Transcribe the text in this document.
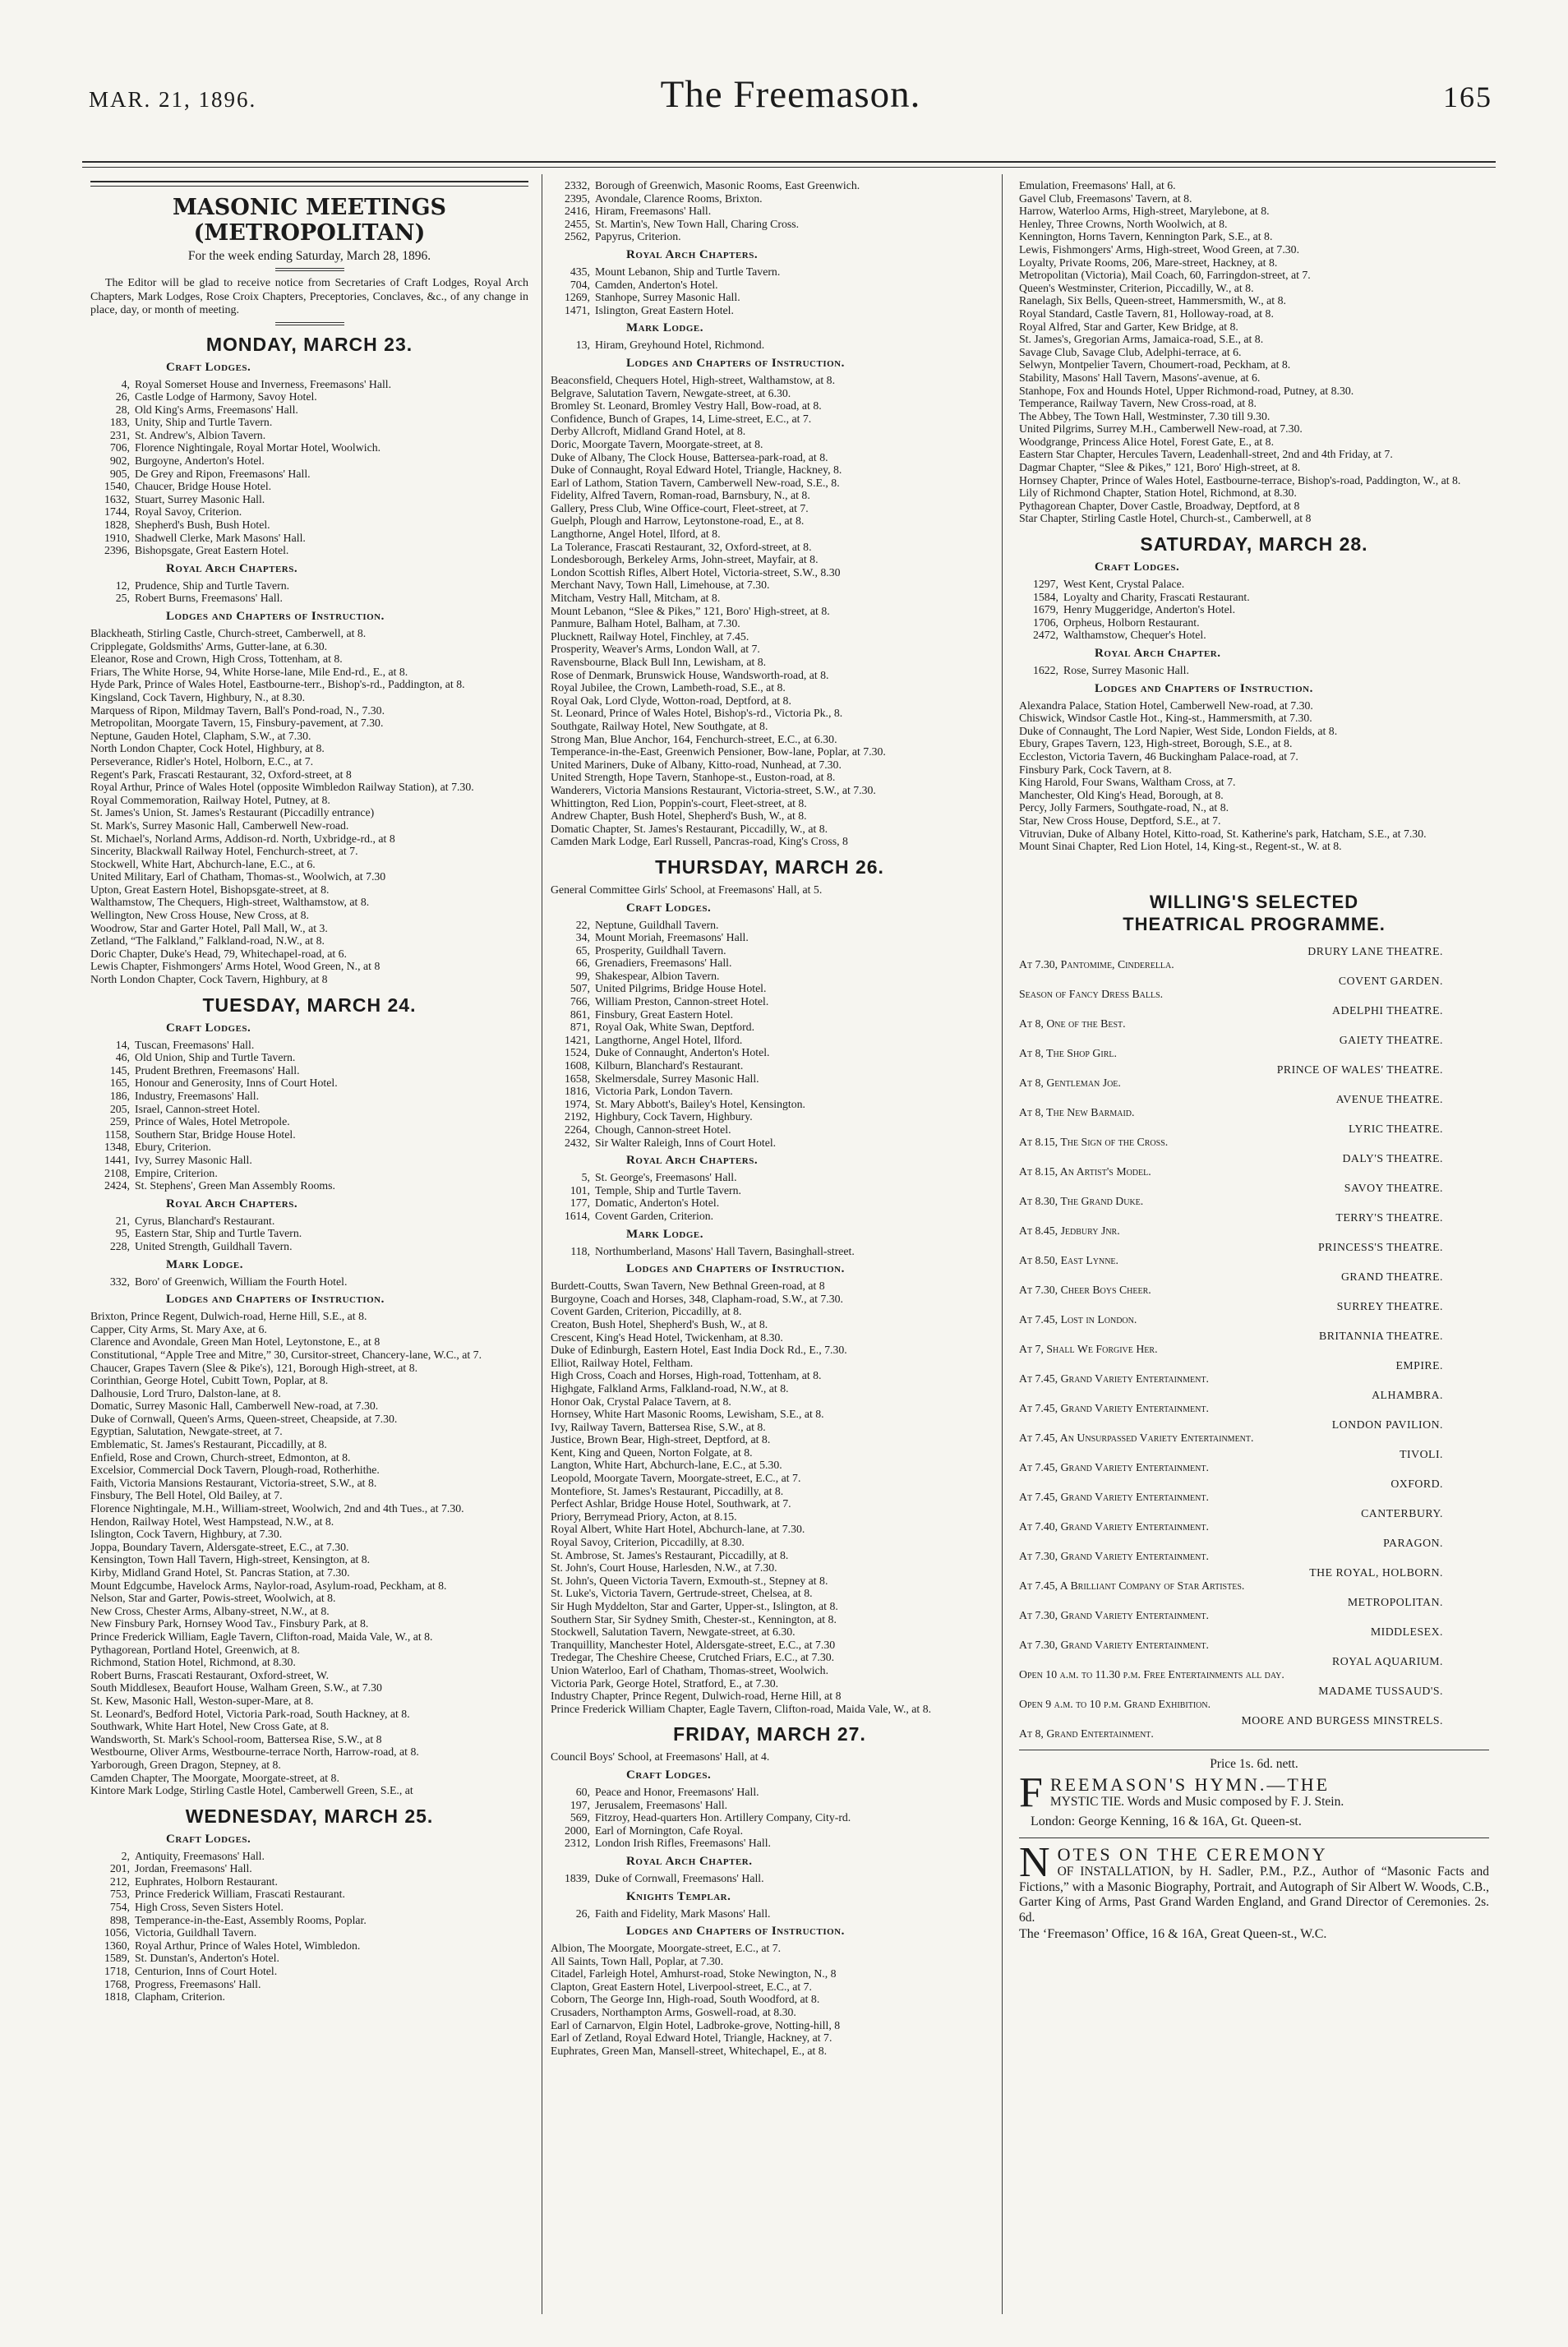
MAR. 21, 1896.	The Freemason.	165
MASONIC MEETINGS (METROPOLITAN)
For the week ending Saturday, March 28, 1896.

The Editor will be glad to receive notice from Secretaries of Craft Lodges, Royal Arch Chapters, Mark Lodges, Rose Croix Chapters, Preceptories, Conclaves, &c., of any change in place, day, or month of meeting.

MONDAY, MARCH 23.
Craft Lodges.
4, Royal Somerset House and Inverness, Freemasons' Hall.
26, Castle Lodge of Harmony, Savoy Hotel.
28, Old King's Arms, Freemasons' Hall.
183, Unity, Ship and Turtle Tavern.
231, St. Andrew's, Albion Tavern.
706, Florence Nightingale, Royal Mortar Hotel, Woolwich.
902, Burgoyne, Anderton's Hotel.
905, De Grey and Ripon, Freemasons' Hall.
1540, Chaucer, Bridge House Hotel.
1632, Stuart, Surrey Masonic Hall.
1744, Royal Savoy, Criterion.
1828, Shepherd's Bush, Bush Hotel.
1910, Shadwell Clerke, Mark Masons' Hall.
2396, Bishopsgate, Great Eastern Hotel.
Royal Arch Chapters.
12, Prudence, Ship and Turtle Tavern.
25, Robert Burns, Freemasons' Hall.
Lodges and Chapters of Instruction.
Blackheath, Stirling Castle, Church-street, Camberwell, at 8.
Cripplegate, Goldsmiths' Arms, Gutter-lane, at 6.30.
Eleanor, Rose and Crown, High Cross, Tottenham, at 8.
Friars, The White Horse, 94, White Horse-lane, Mile End-rd., E., at 8.
Hyde Park, Prince of Wales Hotel, Eastbourne-terr., Bishop's-rd., Paddington, at 8.
Kingsland, Cock Tavern, Highbury, N., at 8.30.
Marquess of Ripon, Mildmay Tavern, Ball's Pond-road, N., 7.30.
Metropolitan, Moorgate Tavern, 15, Finsbury-pavement, at 7.30.
Neptune, Gauden Hotel, Clapham, S.W., at 7.30.
North London Chapter, Cock Hotel, Highbury, at 8.
Perseverance, Ridler's Hotel, Holborn, E.C., at 7.
Regent's Park, Frascati Restaurant, 32, Oxford-street, at 8
Royal Arthur, Prince of Wales Hotel (opposite Wimbledon Railway Station), at 7.30.
Royal Commemoration, Railway Hotel, Putney, at 8.
St. James's Union, St. James's Restaurant (Piccadilly entrance)
St. Mark's, Surrey Masonic Hall, Camberwell New-road.
St. Michael's, Norland Arms, Addison-rd. North, Uxbridge-rd., at 8
Sincerity, Blackwall Railway Hotel, Fenchurch-street, at 7.
Stockwell, White Hart, Abchurch-lane, E.C., at 6.
United Military, Earl of Chatham, Thomas-st., Woolwich, at 7.30
Upton, Great Eastern Hotel, Bishopsgate-street, at 8.
Walthamstow, The Chequers, High-street, Walthamstow, at 8.
Wellington, New Cross House, New Cross, at 8.
Woodrow, Star and Garter Hotel, Pall Mall, W., at 3.
Zetland, “The Falkland,” Falkland-road, N.W., at 8.
Doric Chapter, Duke's Head, 79, Whitechapel-road, at 6.
Lewis Chapter, Fishmongers' Arms Hotel, Wood Green, N., at 8
North London Chapter, Cock Tavern, Highbury, at 8
TUESDAY, MARCH 24.
Craft Lodges.
14, Tuscan, Freemasons' Hall.
46, Old Union, Ship and Turtle Tavern.
145, Prudent Brethren, Freemasons' Hall.
165, Honour and Generosity, Inns of Court Hotel.
186, Industry, Freemasons' Hall.
205, Israel, Cannon-street Hotel.
259, Prince of Wales, Hotel Metropole.
1158, Southern Star, Bridge House Hotel.
1348, Ebury, Criterion.
1441, Ivy, Surrey Masonic Hall.
2108, Empire, Criterion.
2424, St. Stephens', Green Man Assembly Rooms.
Royal Arch Chapters.
21, Cyrus, Blanchard's Restaurant.
95, Eastern Star, Ship and Turtle Tavern.
228, United Strength, Guildhall Tavern.
Mark Lodge.
332, Boro' of Greenwich, William the Fourth Hotel.
Lodges and Chapters of Instruction.
Brixton, Prince Regent, Dulwich-road, Herne Hill, S.E., at 8.
Capper, City Arms, St. Mary Axe, at 6.
Clarence and Avondale, Green Man Hotel, Leytonstone, E., at 8
Constitutional, “Apple Tree and Mitre,” 30, Cursitor-street, Chancery-lane, W.C., at 7.
Chaucer, Grapes Tavern (Slee & Pike's), 121, Borough High-street, at 8.
Corinthian, George Hotel, Cubitt Town, Poplar, at 8.
Dalhousie, Lord Truro, Dalston-lane, at 8.
Domatic, Surrey Masonic Hall, Camberwell New-road, at 7.30.
Duke of Cornwall, Queen's Arms, Queen-street, Cheapside, at 7.30.
Egyptian, Salutation, Newgate-street, at 7.
Emblematic, St. James's Restaurant, Piccadilly, at 8.
Enfield, Rose and Crown, Church-street, Edmonton, at 8.
Excelsior, Commercial Dock Tavern, Plough-road, Rotherhithe.
Faith, Victoria Mansions Restaurant, Victoria-street, S.W., at 8.
Finsbury, The Bell Hotel, Old Bailey, at 7.
Florence Nightingale, M.H., William-street, Woolwich, 2nd and 4th Tues., at 7.30.
Hendon, Railway Hotel, West Hampstead, N.W., at 8.
Islington, Cock Tavern, Highbury, at 7.30.
Joppa, Boundary Tavern, Aldersgate-street, E.C., at 7.30.
Kensington, Town Hall Tavern, High-street, Kensington, at 8.
Kirby, Midland Grand Hotel, St. Pancras Station, at 7.30.
Mount Edgcumbe, Havelock Arms, Naylor-road, Asylum-road, Peckham, at 8.
Nelson, Star and Garter, Powis-street, Woolwich, at 8.
New Cross, Chester Arms, Albany-street, N.W., at 8.
New Finsbury Park, Hornsey Wood Tav., Finsbury Park, at 8.
Prince Frederick William, Eagle Tavern, Clifton-road, Maida Vale, W., at 8.
Pythagorean, Portland Hotel, Greenwich, at 8.
Richmond, Station Hotel, Richmond, at 8.30.
Robert Burns, Frascati Restaurant, Oxford-street, W.
South Middlesex, Beaufort House, Walham Green, S.W., at 7.30
St. Kew, Masonic Hall, Weston-super-Mare, at 8.
St. Leonard's, Bedford Hotel, Victoria Park-road, South Hackney, at 8.
Southwark, White Hart Hotel, New Cross Gate, at 8.
Wandsworth, St. Mark's School-room, Battersea Rise, S.W., at 8
Westbourne, Oliver Arms, Westbourne-terrace North, Harrow-road, at 8.
Yarborough, Green Dragon, Stepney, at 8.
Camden Chapter, The Moorgate, Moorgate-street, at 8.
Kintore Mark Lodge, Stirling Castle Hotel, Camberwell Green, S.E., at
WEDNESDAY, MARCH 25.
Craft Lodges.
2, Antiquity, Freemasons' Hall.
201, Jordan, Freemasons' Hall.
212, Euphrates, Holborn Restaurant.
753, Prince Frederick William, Frascati Restaurant.
754, High Cross, Seven Sisters Hotel.
898, Temperance-in-the-East, Assembly Rooms, Poplar.
1056, Victoria, Guildhall Tavern.
1360, Royal Arthur, Prince of Wales Hotel, Wimbledon.
1589, St. Dunstan's, Anderton's Hotel.
1718, Centurion, Inns of Court Hotel.
1768, Progress, Freemasons' Hall.
1818, Clapham, Criterion.
2332, Borough of Greenwich, Masonic Rooms, East Greenwich.
2395, Avondale, Clarence Rooms, Brixton.
2416, Hiram, Freemasons' Hall.
2455, St. Martin's, New Town Hall, Charing Cross.
2562, Papyrus, Criterion.
Royal Arch Chapters.
435, Mount Lebanon, Ship and Turtle Tavern.
704, Camden, Anderton's Hotel.
1269, Stanhope, Surrey Masonic Hall.
1471, Islington, Great Eastern Hotel.
Mark Lodge.
13, Hiram, Greyhound Hotel, Richmond.
Lodges and Chapters of Instruction.
Beaconsfield, Chequers Hotel, High-street, Walthamstow, at 8.
Belgrave, Salutation Tavern, Newgate-street, at 6.30.
Bromley St. Leonard, Bromley Vestry Hall, Bow-road, at 8.
Confidence, Bunch of Grapes, 14, Lime-street, E.C., at 7.
Derby Allcroft, Midland Grand Hotel, at 8.
Doric, Moorgate Tavern, Moorgate-street, at 8.
Duke of Albany, The Clock House, Battersea-park-road, at 8.
Duke of Connaught, Royal Edward Hotel, Triangle, Hackney, 8.
Earl of Lathom, Station Tavern, Camberwell New-road, S.E., 8.
Fidelity, Alfred Tavern, Roman-road, Barnsbury, N., at 8.
Gallery, Press Club, Wine Office-court, Fleet-street, at 7.
Guelph, Plough and Harrow, Leytonstone-road, E., at 8.
Langthorne, Angel Hotel, Ilford, at 8.
La Tolerance, Frascati Restaurant, 32, Oxford-street, at 8.
Londesborough, Berkeley Arms, John-street, Mayfair, at 8.
London Scottish Rifles, Albert Hotel, Victoria-street, S.W., 8.30
Merchant Navy, Town Hall, Limehouse, at 7.30.
Mitcham, Vestry Hall, Mitcham, at 8.
Mount Lebanon, “Slee & Pikes,” 121, Boro' High-street, at 8.
Panmure, Balham Hotel, Balham, at 7.30.
Plucknett, Railway Hotel, Finchley, at 7.45.
Prosperity, Weaver's Arms, London Wall, at 7.
Ravensbourne, Black Bull Inn, Lewisham, at 8.
Rose of Denmark, Brunswick House, Wandsworth-road, at 8.
Royal Jubilee, the Crown, Lambeth-road, S.E., at 8.
Royal Oak, Lord Clyde, Wotton-road, Deptford, at 8.
St. Leonard, Prince of Wales Hotel, Bishop's-rd., Victoria Pk., 8.
Southgate, Railway Hotel, New Southgate, at 8.
Strong Man, Blue Anchor, 164, Fenchurch-street, E.C., at 6.30.
Temperance-in-the-East, Greenwich Pensioner, Bow-lane, Poplar, at 7.30.
United Mariners, Duke of Albany, Kitto-road, Nunhead, at 7.30.
United Strength, Hope Tavern, Stanhope-st., Euston-road, at 8.
Wanderers, Victoria Mansions Restaurant, Victoria-street, S.W., at 7.30.
Whittington, Red Lion, Poppin's-court, Fleet-street, at 8.
Andrew Chapter, Bush Hotel, Shepherd's Bush, W., at 8.
Domatic Chapter, St. James's Restaurant, Piccadilly, W., at 8.
Camden Mark Lodge, Earl Russell, Pancras-road, King's Cross, 8
THURSDAY, MARCH 26.
General Committee Girls' School, at Freemasons' Hall, at 5.
Craft Lodges.
22, Neptune, Guildhall Tavern.
34, Mount Moriah, Freemasons' Hall.
65, Prosperity, Guildhall Tavern.
66, Grenadiers, Freemasons' Hall.
99, Shakespear, Albion Tavern.
507, United Pilgrims, Bridge House Hotel.
766, William Preston, Cannon-street Hotel.
861, Finsbury, Great Eastern Hotel.
871, Royal Oak, White Swan, Deptford.
1421, Langthorne, Angel Hotel, Ilford.
1524, Duke of Connaught, Anderton's Hotel.
1608, Kilburn, Blanchard's Restaurant.
1658, Skelmersdale, Surrey Masonic Hall.
1816, Victoria Park, London Tavern.
1974, St. Mary Abbott's, Bailey's Hotel, Kensington.
2192, Highbury, Cock Tavern, Highbury.
2264, Chough, Cannon-street Hotel.
2432, Sir Walter Raleigh, Inns of Court Hotel.
Royal Arch Chapters.
5, St. George's, Freemasons' Hall.
101, Temple, Ship and Turtle Tavern.
177, Domatic, Anderton's Hotel.
1614, Covent Garden, Criterion.
Mark Lodge.
118, Northumberland, Masons' Hall Tavern, Basinghall-street.
Lodges and Chapters of Instruction.
Burdett-Coutts, Swan Tavern, New Bethnal Green-road, at 8
Burgoyne, Coach and Horses, 348, Clapham-road, S.W., at 7.30.
Covent Garden, Criterion, Piccadilly, at 8.
Creaton, Bush Hotel, Shepherd's Bush, W., at 8.
Crescent, King's Head Hotel, Twickenham, at 8.30.
Duke of Edinburgh, Eastern Hotel, East India Dock Rd., E., 7.30.
Elliot, Railway Hotel, Feltham.
High Cross, Coach and Horses, High-road, Tottenham, at 8.
Highgate, Falkland Arms, Falkland-road, N.W., at 8.
Honor Oak, Crystal Palace Tavern, at 8.
Hornsey, White Hart Masonic Rooms, Lewisham, S.E., at 8.
Ivy, Railway Tavern, Battersea Rise, S.W., at 8.
Justice, Brown Bear, High-street, Deptford, at 8.
Kent, King and Queen, Norton Folgate, at 8.
Langton, White Hart, Abchurch-lane, E.C., at 5.30.
Leopold, Moorgate Tavern, Moorgate-street, E.C., at 7.
Montefiore, St. James's Restaurant, Piccadilly, at 8.
Perfect Ashlar, Bridge House Hotel, Southwark, at 7.
Priory, Berrymead Priory, Acton, at 8.15.
Royal Albert, White Hart Hotel, Abchurch-lane, at 7.30.
Royal Savoy, Criterion, Piccadilly, at 8.30.
St. Ambrose, St. James's Restaurant, Piccadilly, at 8.
St. John's, Court House, Harlesden, N.W., at 7.30.
St. John's, Queen Victoria Tavern, Exmouth-st., Stepney at 8.
St. Luke's, Victoria Tavern, Gertrude-street, Chelsea, at 8.
Sir Hugh Myddelton, Star and Garter, Upper-st., Islington, at 8.
Southern Star, Sir Sydney Smith, Chester-st., Kennington, at 8.
Stockwell, Salutation Tavern, Newgate-street, at 6.30.
Tranquillity, Manchester Hotel, Aldersgate-street, E.C., at 7.30
Tredegar, The Cheshire Cheese, Crutched Friars, E.C., at 7.30.
Union Waterloo, Earl of Chatham, Thomas-street, Woolwich.
Victoria Park, George Hotel, Stratford, E., at 7.30.
Industry Chapter, Prince Regent, Dulwich-road, Herne Hill, at 8
Prince Frederick William Chapter, Eagle Tavern, Clifton-road, Maida Vale, W., at 8.
FRIDAY, MARCH 27.
Council Boys' School, at Freemasons' Hall, at 4.
Craft Lodges.
60, Peace and Honor, Freemasons' Hall.
197, Jerusalem, Freemasons' Hall.
569, Fitzroy, Head-quarters Hon. Artillery Company, City-rd.
2000, Earl of Mornington, Cafe Royal.
2312, London Irish Rifles, Freemasons' Hall.
Royal Arch Chapter.
1839, Duke of Cornwall, Freemasons' Hall.
Knights Templar.
26, Faith and Fidelity, Mark Masons' Hall.
Lodges and Chapters of Instruction.
Albion, The Moorgate, Moorgate-street, E.C., at 7.
All Saints, Town Hall, Poplar, at 7.30.
Citadel, Farleigh Hotel, Amhurst-road, Stoke Newington, N., 8
Clapton, Great Eastern Hotel, Liverpool-street, E.C., at 7.
Coborn, The George Inn, High-road, South Woodford, at 8.
Crusaders, Northampton Arms, Goswell-road, at 8.30.
Earl of Carnarvon, Elgin Hotel, Ladbroke-grove, Notting-hill, 8
Earl of Zetland, Royal Edward Hotel, Triangle, Hackney, at 7.
Euphrates, Green Man, Mansell-street, Whitechapel, E., at 8.
Emulation, Freemasons' Hall, at 6.
Gavel Club, Freemasons' Tavern, at 8.
Harrow, Waterloo Arms, High-street, Marylebone, at 8.
Henley, Three Crowns, North Woolwich, at 8.
Kennington, Horns Tavern, Kennington Park, S.E., at 8.
Lewis, Fishmongers' Arms, High-street, Wood Green, at 7.30.
Loyalty, Private Rooms, 206, Mare-street, Hackney, at 8.
Metropolitan (Victoria), Mail Coach, 60, Farringdon-street, at 7.
Queen's Westminster, Criterion, Piccadilly, W., at 8.
Ranelagh, Six Bells, Queen-street, Hammersmith, W., at 8.
Royal Standard, Castle Tavern, 81, Holloway-road, at 8.
Royal Alfred, Star and Garter, Kew Bridge, at 8.
St. James's, Gregorian Arms, Jamaica-road, S.E., at 8.
Savage Club, Savage Club, Adelphi-terrace, at 6.
Selwyn, Montpelier Tavern, Choumert-road, Peckham, at 8.
Stability, Masons' Hall Tavern, Masons'-avenue, at 6.
Stanhope, Fox and Hounds Hotel, Upper Richmond-road, Putney, at 8.30.
Temperance, Railway Tavern, New Cross-road, at 8.
The Abbey, The Town Hall, Westminster, 7.30 till 9.30.
United Pilgrims, Surrey M.H., Camberwell New-road, at 7.30.
Woodgrange, Princess Alice Hotel, Forest Gate, E., at 8.
Eastern Star Chapter, Hercules Tavern, Leadenhall-street, 2nd and 4th Friday, at 7.
Dagmar Chapter, “Slee & Pikes,” 121, Boro' High-street, at 8.
Hornsey Chapter, Prince of Wales Hotel, Eastbourne-terrace, Bishop's-road, Paddington, W., at 8.
Lily of Richmond Chapter, Station Hotel, Richmond, at 8.30.
Pythagorean Chapter, Dover Castle, Broadway, Deptford, at 8
Star Chapter, Stirling Castle Hotel, Church-st., Camberwell, at 8
SATURDAY, MARCH 28.
Craft Lodges.
1297, West Kent, Crystal Palace.
1584, Loyalty and Charity, Frascati Restaurant.
1679, Henry Muggeridge, Anderton's Hotel.
1706, Orpheus, Holborn Restaurant.
2472, Walthamstow, Chequer's Hotel.
Royal Arch Chapter.
1622, Rose, Surrey Masonic Hall.
Lodges and Chapters of Instruction.
Alexandra Palace, Station Hotel, Camberwell New-road, at 7.30.
Chiswick, Windsor Castle Hot., King-st., Hammersmith, at 7.30.
Duke of Connaught, The Lord Napier, West Side, London Fields, at 8.
Ebury, Grapes Tavern, 123, High-street, Borough, S.E., at 8.
Eccleston, Victoria Tavern, 46 Buckingham Palace-road, at 7.
Finsbury Park, Cock Tavern, at 8.
King Harold, Four Swans, Waltham Cross, at 7.
Manchester, Old King's Head, Borough, at 8.
Percy, Jolly Farmers, Southgate-road, N., at 8.
Star, New Cross House, Deptford, S.E., at 7.
Vitruvian, Duke of Albany Hotel, Kitto-road, St. Katherine's park, Hatcham, S.E., at 7.30.
Mount Sinai Chapter, Red Lion Hotel, 14, King-st., Regent-st., W. at 8.
WILLING'S SELECTED
THEATRICAL PROGRAMME.
DRURY LANE THEATRE.
At 7.30, Pantomime, Cinderella.
COVENT GARDEN.
Season of Fancy Dress Balls.
ADELPHI THEATRE.
At 8, One of the Best.
GAIETY THEATRE.
At 8, The Shop Girl.
PRINCE OF WALES' THEATRE.
At 8, Gentleman Joe.
AVENUE THEATRE.
At 8, The New Barmaid.
LYRIC THEATRE.
At 8.15, The Sign of the Cross.
DALY'S THEATRE.
At 8.15, An Artist's Model.
SAVOY THEATRE.
At 8.30, The Grand Duke.
TERRY'S THEATRE.
At 8.45, Jedbury Jnr.
PRINCESS'S THEATRE.
At 8.50, East Lynne.
GRAND THEATRE.
At 7.30, Cheer Boys Cheer.
SURREY THEATRE.
At 7.45, Lost in London.
BRITANNIA THEATRE.
At 7, Shall We Forgive Her.
EMPIRE.
At 7.45, Grand Variety Entertainment.
ALHAMBRA.
At 7.45, Grand Variety Entertainment.
LONDON PAVILION.
At 7.45, An Unsurpassed Variety Entertainment.
TIVOLI.
At 7.45, Grand Variety Entertainment.
OXFORD.
At 7.45, Grand Variety Entertainment.
CANTERBURY.
At 7.40, Grand Variety Entertainment.
PARAGON.
At 7.30, Grand Variety Entertainment.
THE ROYAL, HOLBORN.
At 7.45, A Brilliant Company of Star Artistes.
METROPOLITAN.
At 7.30, Grand Variety Entertainment.
MIDDLESEX.
At 7.30, Grand Variety Entertainment.
ROYAL AQUARIUM.
Open 10 a.m. to 11.30 p.m. Free Entertainments all day.
MADAME TUSSAUD'S.
Open 9 a.m. to 10 p.m. Grand Exhibition.
MOORE AND BURGESS MINSTRELS.
At 8, Grand Entertainment.
Price 1s. 6d. nett.
FREEMASON'S HYMN.—THE
MYSTIC TIE. Words and Music composed by F. J. Stein.
London: George Kenning, 16 & 16A, Gt. Queen-st.
NOTES ON THE CEREMONY
OF INSTALLATION, by H. Sadler, P.M., P.Z., Author of “Masonic Facts and Fictions,” with a Masonic Biography, Portrait, and Autograph of Sir Albert W. Woods, C.B., Garter King of Arms, Past Grand Warden England, and Grand Director of Ceremonies. 2s. 6d.
The ‘Freemason’ Office, 16 & 16A, Great Queen-st., W.C.
